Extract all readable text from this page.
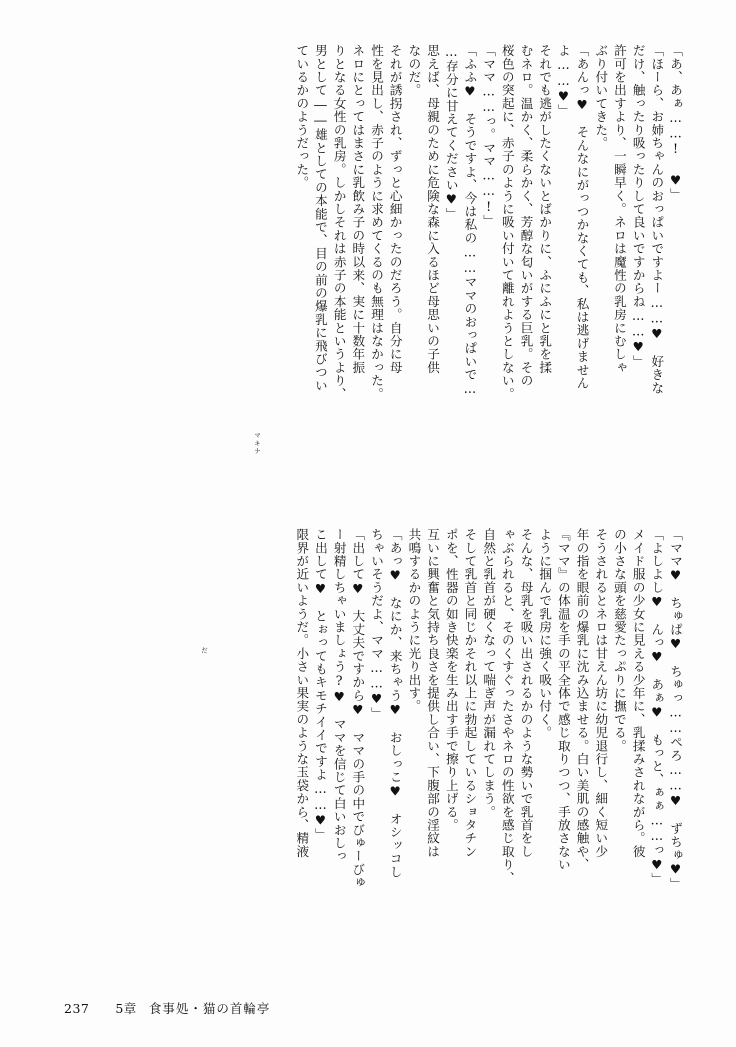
「あ、あぁ……! ♥」
「ほーら、お姉ちゃんのおっぱいですよー……♥　好きな
だけ、触ったり吸ったりして良いですからね……♥」
許可を出すより、一瞬早く。ネロは魔性の乳房にむしゃ
ぶり付いてきた。
「あんっ♥　そんなにがっつかなくても、私は逃げません
よ……♥」
それでも逃がしたくないとばかりに、ふにふにと乳を揉
むネロ。温かく、柔らかく、芳醇な匂いがする巨乳。その
桜色の突起に、赤子のように吸い付いて離れようとしない。
「ママ……っ。ママ……!」
「ふふ♥　そうですよ、今は私の……ママのおっぱいで…
…存分に甘えてください♥」
思えば、母親のために危険な森に入るほど母思いの子供
なのだ。
それが誘拐され、ずっと心細かったのだろう。自分に母
性を見出し、赤子のように求めてくるのも無理はなかった。
ネロにとってはまさに乳飲み子の時以来、実に十数年振
りとなる女性の乳房。しかしそれは赤子の本能というより、
男として――雄としての本能で、目の前の爆乳に飛びつい
ているかのようだった。
「ママ♥　ちゅぱ♥　ちゅっ……ぺろ……♥　ずちゅ♥」
「よしよし♥　んっ♥　あぁ♥　もっと、ぁぁ……っ♥」
メイド服の少女に見える少年に、乳揉みされながら。彼
の小さな頭を慈愛たっぷりに撫でる。
そうされるとネロは甘えん坊に幼児退行し、細く短い少
年の指を眼前の爆乳に沈み込ませる。白い美肌の感触や、
『ママ』の体温を手の平全体で感じ取りつつ、手放さない
ように掴んで乳房に強く吸い付く。
そんな、母乳を吸い出されるかのような勢いで乳首をし
ゃぶられると、そのくすぐったさやネロの性欲を感じ取り、
自然と乳首が硬くなって喘ぎ声が漏れてしまう。
そして乳首と同じかそれ以上に勃起しているショタチン
ポを、性器の如き快楽を生み出す手で擦り上げる。
互いに興奮と気持ち良さを提供し合い、下腹部の淫紋は
共鳴するかのように光り出す。
「あっ♥　なにか、来ちゃう♥　おしっこ♥　オシッコし
ちゃいそうだよ、ママ……♥」
「出して♥　大丈夫ですから♥　ママの手の中でびゅーびゅ
ー射精しちゃいましょう?♥　ママを信じて白いおしっ
こ出して♥　とぉってもキモチイイですよ……♥」
限界が近いようだ。小さい果実のような玉袋から、精液
237 5章 食事処・猫の首輪亭
マキナ
だ
